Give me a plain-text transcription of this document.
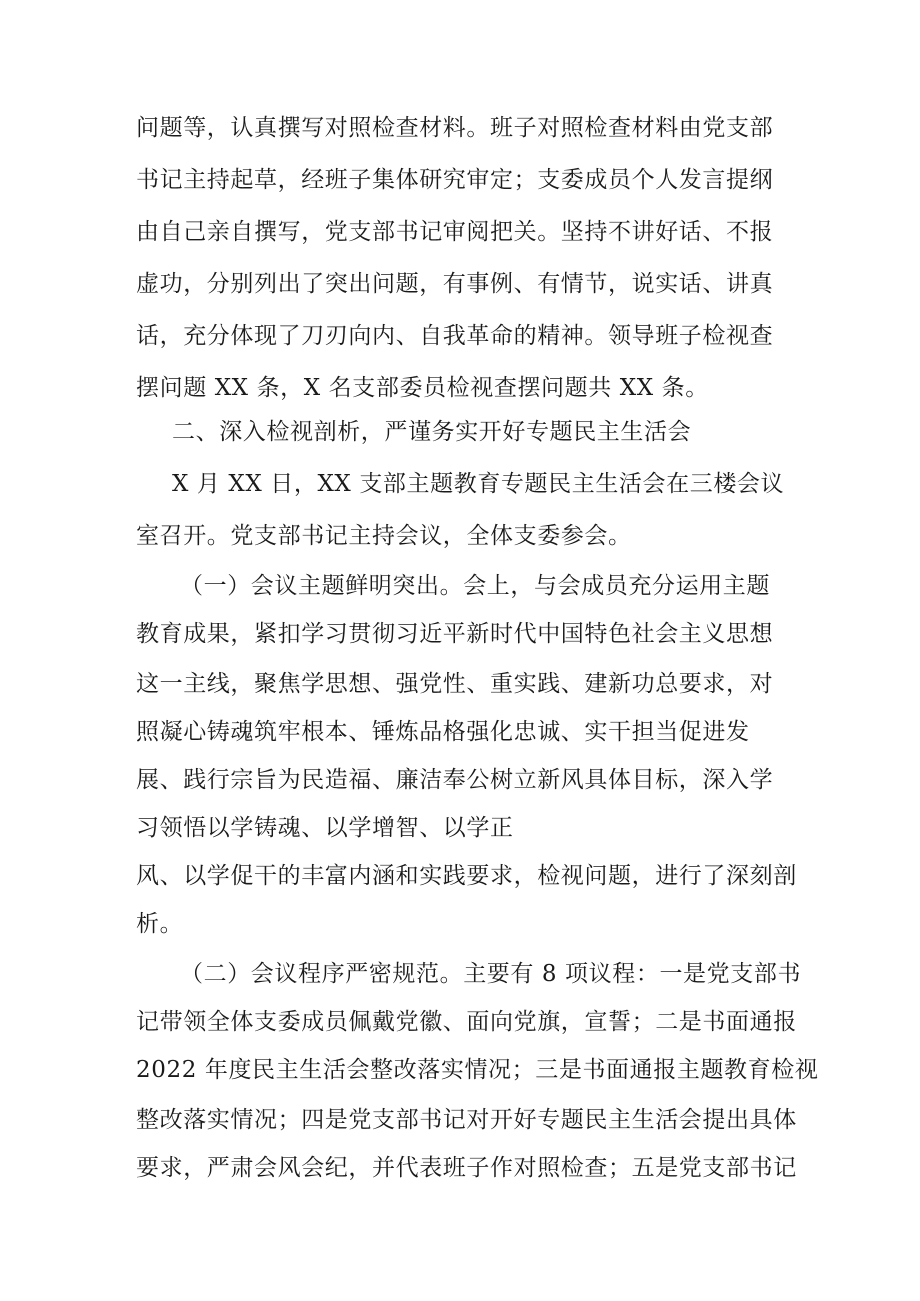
问题等，认真撰写对照检查材料。班子对照检查材料由党支部
书记主持起草，经班子集体研究审定；支委成员个人发言提纲
由自己亲自撰写，党支部书记审阅把关。坚持不讲好话、不报
虚功，分别列出了突出问题，有事例、有情节，说实话、讲真
话，充分体现了刀刃向内、自我革命的精神。领导班子检视查
摆问题 XX 条，X 名支部委员检视查摆问题共 XX 条。
二、深入检视剖析，严谨务实开好专题民主生活会
X 月 XX 日，XX 支部主题教育专题民主生活会在三楼会议
室召开。党支部书记主持会议，全体支委参会。
（一）会议主题鲜明突出。会上，与会成员充分运用主题
教育成果，紧扣学习贯彻习近平新时代中国特色社会主义思想
这一主线，聚焦学思想、强党性、重实践、建新功总要求，对
照凝心铸魂筑牢根本、锤炼品格强化忠诚、实干担当促进发
展、践行宗旨为民造福、廉洁奉公树立新风具体目标，深入学
习领悟以学铸魂、以学增智、以学正
风、以学促干的丰富内涵和实践要求，检视问题，进行了深刻剖
析。
（二）会议程序严密规范。主要有 8 项议程：一是党支部书
记带领全体支委成员佩戴党徽、面向党旗，宣誓；二是书面通报
2022 年度民主生活会整改落实情况；三是书面通报主题教育检视
整改落实情况；四是党支部书记对开好专题民主生活会提出具体
要求，严肃会风会纪，并代表班子作对照检查；五是党支部书记
